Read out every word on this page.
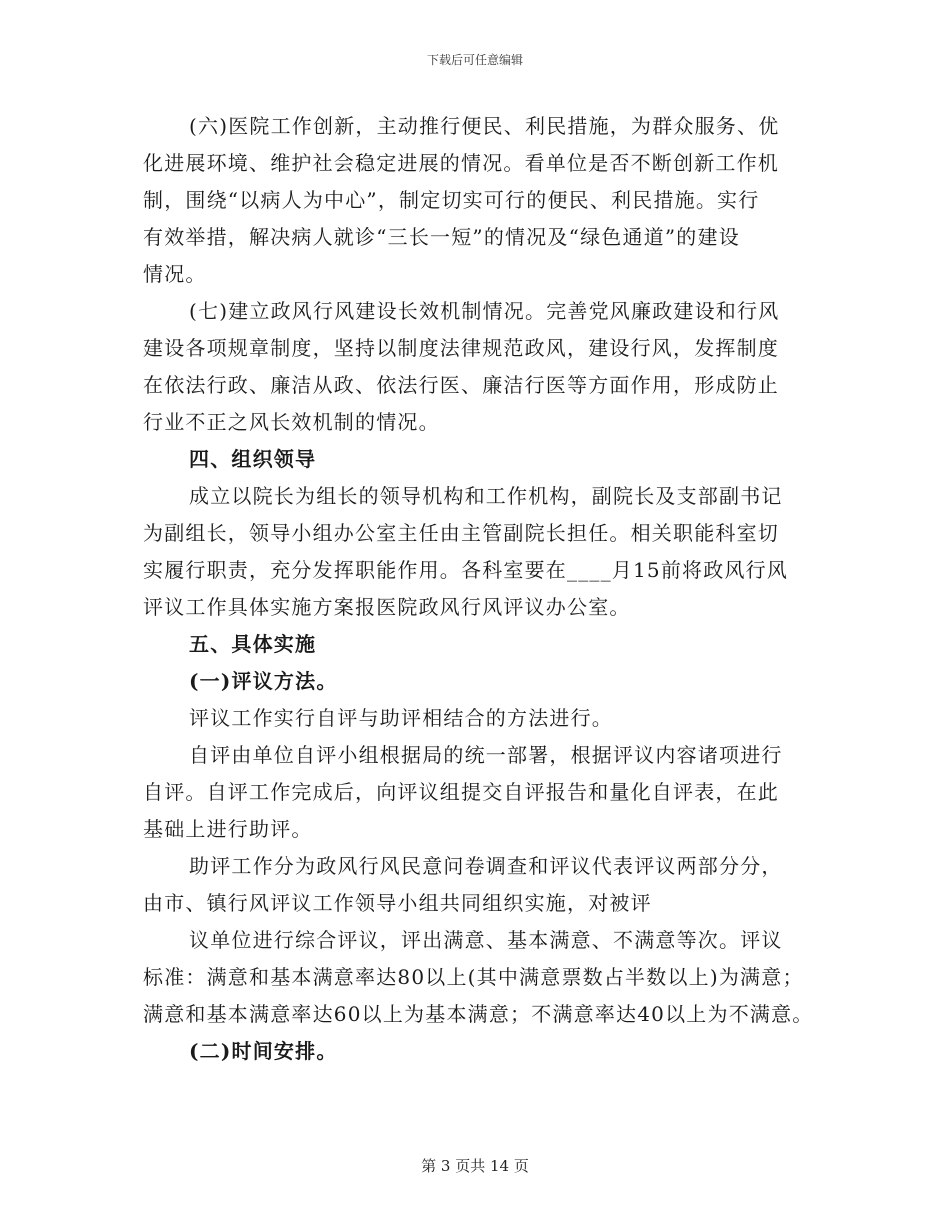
下载后可任意编辑
(六)医院工作创新，主动推行便民、利民措施，为群众服务、优
化进展环境、维护社会稳定进展的情况。看单位是否不断创新工作机
制，围绕“以病人为中心”，制定切实可行的便民、利民措施。实行
有效举措，解决病人就诊“三长一短”的情况及“绿色通道”的建设
情况。
(七)建立政风行风建设长效机制情况。完善党风廉政建设和行风
建设各项规章制度，坚持以制度法律规范政风，建设行风，发挥制度
在依法行政、廉洁从政、依法行医、廉洁行医等方面作用，形成防止
行业不正之风长效机制的情况。
四、组织领导
成立以院长为组长的领导机构和工作机构，副院长及支部副书记
为副组长，领导小组办公室主任由主管副院长担任。相关职能科室切
实履行职责，充分发挥职能作用。各科室要在____月15前将政风行风
评议工作具体实施方案报医院政风行风评议办公室。
五、具体实施
(一)评议方法。
评议工作实行自评与助评相结合的方法进行。
自评由单位自评小组根据局的统一部署，根据评议内容诸项进行
自评。自评工作完成后，向评议组提交自评报告和量化自评表，在此
基础上进行助评。
助评工作分为政风行风民意问卷调查和评议代表评议两部分分，
由市、镇行风评议工作领导小组共同组织实施，对被评
议单位进行综合评议，评出满意、基本满意、不满意等次。评议
标准：满意和基本满意率达80以上(其中满意票数占半数以上)为满意；
满意和基本满意率达60以上为基本满意；不满意率达40以上为不满意。
(二)时间安排。
第 3 页共 14 页
